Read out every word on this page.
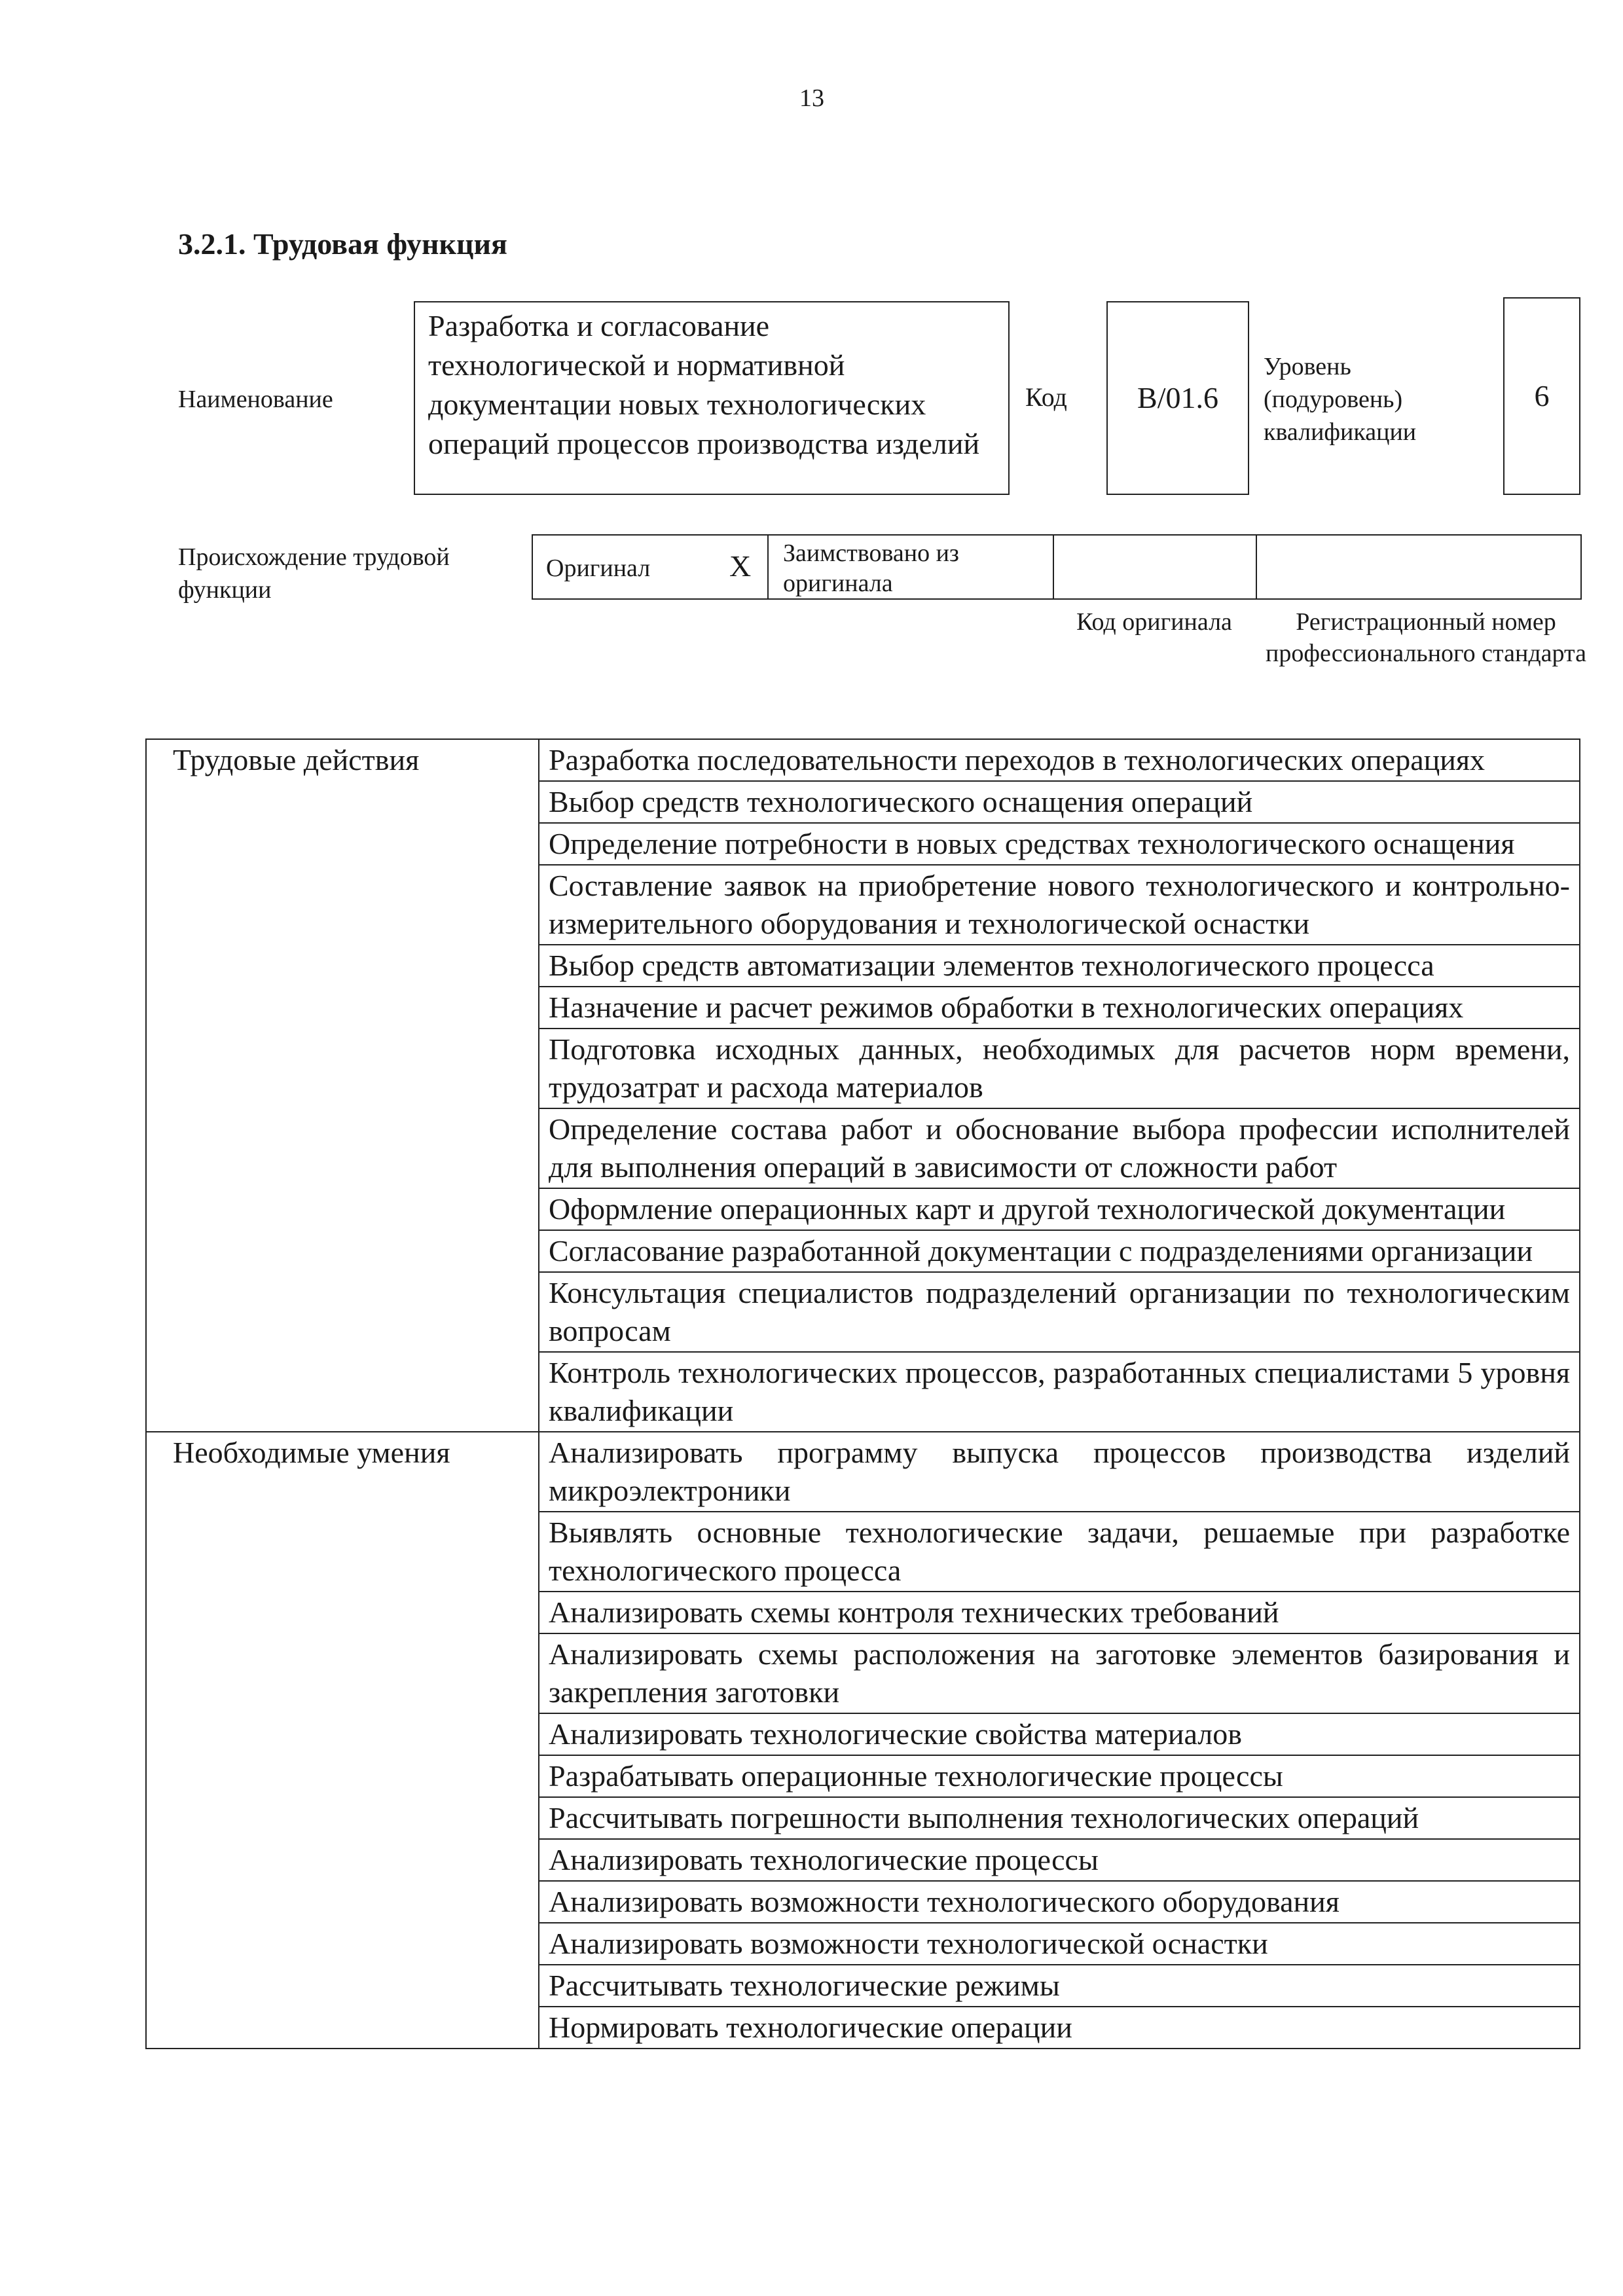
13
3.2.1. Трудовая функция
Наименование
Разработка и согласование технологической и нормативной документации новых технологических операций процессов производства изделий
Код В/01.6
Уровень (подуровень) квалификации
6
Происхождение трудовой функции
Оригинал	X Заимствовано из оригинала
Код оригинала	Регистрационный номер профессионального стандарта
Трудовые действия	Разработка последовательности переходов в технологических операциях
	Выбор средств технологического оснащения операций
	Определение потребности в новых средствах технологического оснащения
	Составление заявок на приобретение нового технологического и контрольно-измерительного оборудования и технологической оснастки
	Выбор средств автоматизации элементов технологического процесса
	Назначение и расчет режимов обработки в технологических операциях
	Подготовка исходных данных, необходимых для расчетов норм времени, трудозатрат и расхода материалов
	Определение состава работ и обоснование выбора профессии исполнителей для выполнения операций в зависимости от сложности работ
	Оформление операционных карт и другой технологической документации
	Согласование разработанной документации с подразделениями организации
	Консультация специалистов подразделений организации по технологическим вопросам
	Контроль технологических процессов, разработанных специалистами 5 уровня квалификации
Необходимые умения	Анализировать программу выпуска процессов производства изделий микроэлектроники
	Выявлять основные технологические задачи, решаемые при разработке технологического процесса
	Анализировать схемы контроля технических требований
	Анализировать схемы расположения на заготовке элементов базирования и закрепления заготовки
	Анализировать технологические свойства материалов
	Разрабатывать операционные технологические процессы
	Рассчитывать погрешности выполнения технологических операций
	Анализировать технологические процессы
	Анализировать возможности технологического оборудования
	Анализировать возможности технологической оснастки
	Рассчитывать технологические режимы
	Нормировать технологические операции
